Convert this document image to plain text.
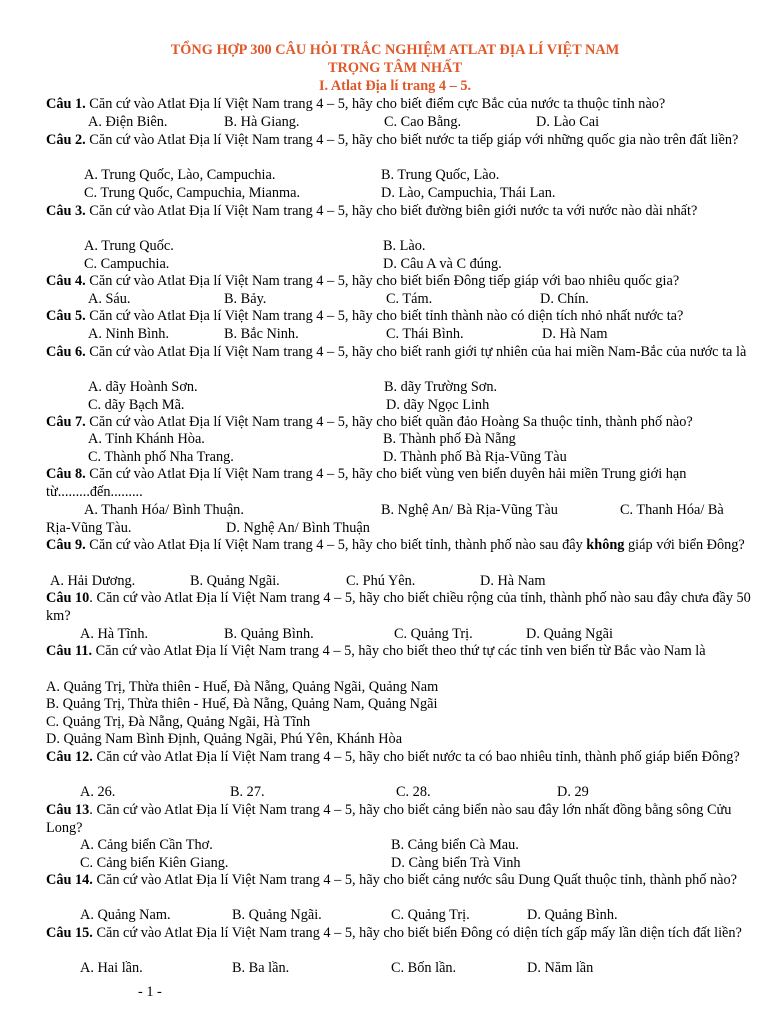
TỔNG HỢP 300 CÂU HỎI TRẮC NGHIỆM ATLAT ĐỊA LÍ VIỆT NAM
TRỌNG TÂM NHẤT
I. Atlat Địa lí trang 4 – 5.
Câu 1. Căn cứ vào Atlat Địa lí Việt Nam trang 4 – 5, hãy cho biết điểm cực Bắc của nước ta thuộc tỉnh nào?
A. Điện Biên.	B. Hà Giang.	C. Cao Bằng.	D. Lào Cai
Câu 2. Căn cứ vào Atlat Địa lí Việt Nam trang 4 – 5, hãy cho biết nước ta tiếp giáp với những quốc gia nào trên đất liền?
A. Trung Quốc, Lào, Campuchia.	B. Trung Quốc, Lào.
C. Trung Quốc, Campuchia, Mianma.	D. Lào, Campuchia, Thái Lan.
Câu 3. Căn cứ vào Atlat Địa lí Việt Nam trang 4 – 5, hãy cho biết đường biên giới nước ta với nước nào dài nhất?
A. Trung Quốc.	B. Lào.
C. Campuchia.	D. Câu A và C đúng.
Câu 4. Căn cứ vào Atlat Địa lí Việt Nam trang 4 – 5, hãy cho biết biển Đông tiếp giáp với bao nhiêu quốc gia?
A. Sáu.	B. Bảy.	C. Tám.	D. Chín.
Câu 5. Căn cứ vào Atlat Địa lí Việt Nam trang 4 – 5, hãy cho biết tỉnh thành nào có diện tích nhỏ nhất nước ta?
A. Ninh Bình.	B. Bắc Ninh.	C. Thái Bình.	D. Hà Nam
Câu 6. Căn cứ vào Atlat Địa lí Việt Nam trang 4 – 5, hãy cho biết ranh giới tự nhiên của hai miền Nam-Bắc của nước ta là
A. dãy Hoành Sơn.	B. dãy Trường Sơn.
C. dãy Bạch Mã.	D. dãy Ngọc Linh
Câu 7. Căn cứ vào Atlat Địa lí Việt Nam trang 4 – 5, hãy cho biết quần đảo Hoàng Sa thuộc tỉnh, thành phố nào?
A. Tỉnh Khánh Hòa.	B. Thành phố Đà Nẵng
C. Thành phố Nha Trang.	D. Thành phố Bà Rịa-Vũng Tàu
Câu 8. Căn cứ vào Atlat Địa lí Việt Nam trang 4 – 5, hãy cho biết vùng ven biển duyên hải miền Trung giới hạn từ.........đến.........
A. Thanh Hóa/ Bình Thuận.	B. Nghệ An/ Bà Rịa-Vũng Tàu	C. Thanh Hóa/ Bà
Rịa-Vũng Tàu.	D. Nghệ An/ Bình Thuận
Câu 9. Căn cứ vào Atlat Địa lí Việt Nam trang 4 – 5, hãy cho biết tỉnh, thành phố nào sau đây không giáp với biển Đông?
A. Hải Dương.	B. Quảng Ngãi.	C. Phú Yên.	D. Hà Nam
Câu 10. Căn cứ vào Atlat Địa lí Việt Nam trang 4 – 5, hãy cho biết chiều rộng của tỉnh, thành phố nào sau đây chưa đầy 50 km?
A. Hà Tĩnh.	B. Quảng Bình.	C. Quảng Trị.	D. Quảng Ngãi
Câu 11. Căn cứ vào Atlat Địa lí Việt Nam trang 4 – 5, hãy cho biết theo thứ tự các tỉnh ven biển từ Bắc vào Nam là
A. Quảng Trị, Thừa thiên - Huế, Đà Nẵng, Quảng Ngãi, Quảng Nam
B. Quảng Trị, Thừa thiên - Huế, Đà Nẵng, Quảng Nam, Quảng Ngãi
C. Quảng Trị, Đà Nẵng, Quảng Ngãi, Hà Tĩnh
D. Quảng Nam Bình Định, Quảng Ngãi, Phú Yên, Khánh Hòa
Câu 12. Căn cứ vào Atlat Địa lí Việt Nam trang 4 – 5, hãy cho biết nước ta có bao nhiêu tỉnh, thành phố giáp biển Đông?
A. 26.	B. 27.	C. 28.	D. 29
Câu 13. Căn cứ vào Atlat Địa lí Việt Nam trang 4 – 5, hãy cho biết cảng biển nào sau đây lớn nhất đồng bằng sông Cửu Long?
A. Cảng biển Cần Thơ.	B. Cảng biển Cà Mau.
C. Cảng biển Kiên Giang.	D. Càng biển Trà Vinh
Câu 14. Căn cứ vào Atlat Địa lí Việt Nam trang 4 – 5, hãy cho biết cảng nước sâu Dung Quất thuộc tỉnh, thành phố nào?
A. Quảng Nam.	B. Quảng Ngãi.	C. Quảng Trị.	D. Quảng Bình.
Câu 15. Căn cứ vào Atlat Địa lí Việt Nam trang 4 – 5, hãy cho biết biển Đông có diện tích gấp mấy lần diện tích đất liền?
A. Hai lần.	B. Ba lần.	C. Bốn lần.	D. Năm lần
- 1 -
